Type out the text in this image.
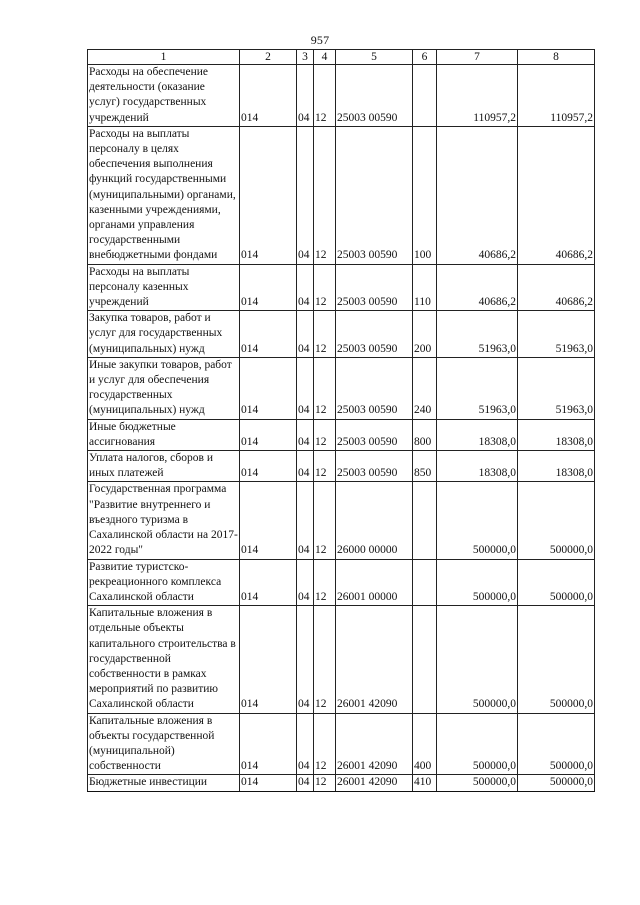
957
1	2	3	4	5	6	7	8
Расходы на обеспечение деятельности (оказание услуг) государственных учреждений	014	04	12	25003 00590		110957,2	110957,2
Расходы на выплаты персоналу в целях обеспечения выполнения функций государственными (муниципальными) органами, казенными учреждениями, органами управления государственными внебюджетными фондами	014	04	12	25003 00590	100	40686,2	40686,2
Расходы на выплаты персоналу казенных учреждений	014	04	12	25003 00590	110	40686,2	40686,2
Закупка товаров, работ и услуг для государственных (муниципальных) нужд	014	04	12	25003 00590	200	51963,0	51963,0
Иные закупки товаров, работ и услуг для обеспечения государственных (муниципальных) нужд	014	04	12	25003 00590	240	51963,0	51963,0
Иные бюджетные ассигнования	014	04	12	25003 00590	800	18308,0	18308,0
Уплата налогов, сборов и иных платежей	014	04	12	25003 00590	850	18308,0	18308,0
Государственная программа "Развитие внутреннего и въездного туризма в Сахалинской области на 2017-2022 годы"	014	04	12	26000 00000		500000,0	500000,0
Развитие туристско-рекреационного комплекса Сахалинской области	014	04	12	26001 00000		500000,0	500000,0
Капитальные вложения в отдельные объекты капитального строительства в государственной собственности в рамках мероприятий по развитию Сахалинской области	014	04	12	26001 42090		500000,0	500000,0
Капитальные вложения в объекты государственной (муниципальной) собственности	014	04	12	26001 42090	400	500000,0	500000,0
Бюджетные инвестиции	014	04	12	26001 42090	410	500000,0	500000,0
